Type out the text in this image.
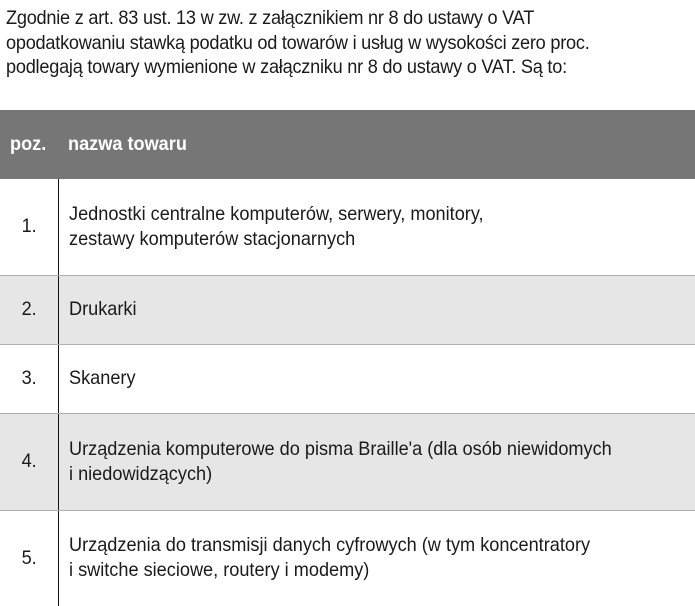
Zgodnie z art. 83 ust. 13 w zw. z załącznikiem nr 8 do ustawy o VAT
opodatkowaniu stawką podatku od towarów i usług w wysokości zero proc.
podlegają towary wymienione w załączniku nr 8 do ustawy o VAT. Są to:
poz.	nazwa towaru
1.	Jednostki centralne komputerów, serwery, monitory,
zestawy komputerów stacjonarnych

2.	Drukarki

3.	Skanery

4.	Urządzenia komputerowe do pisma Braille'a (dla osób niewidomych
i niedowidzących)

5.	Urządzenia do transmisji danych cyfrowych (w tym koncentratory
i switche sieciowe, routery i modemy)
